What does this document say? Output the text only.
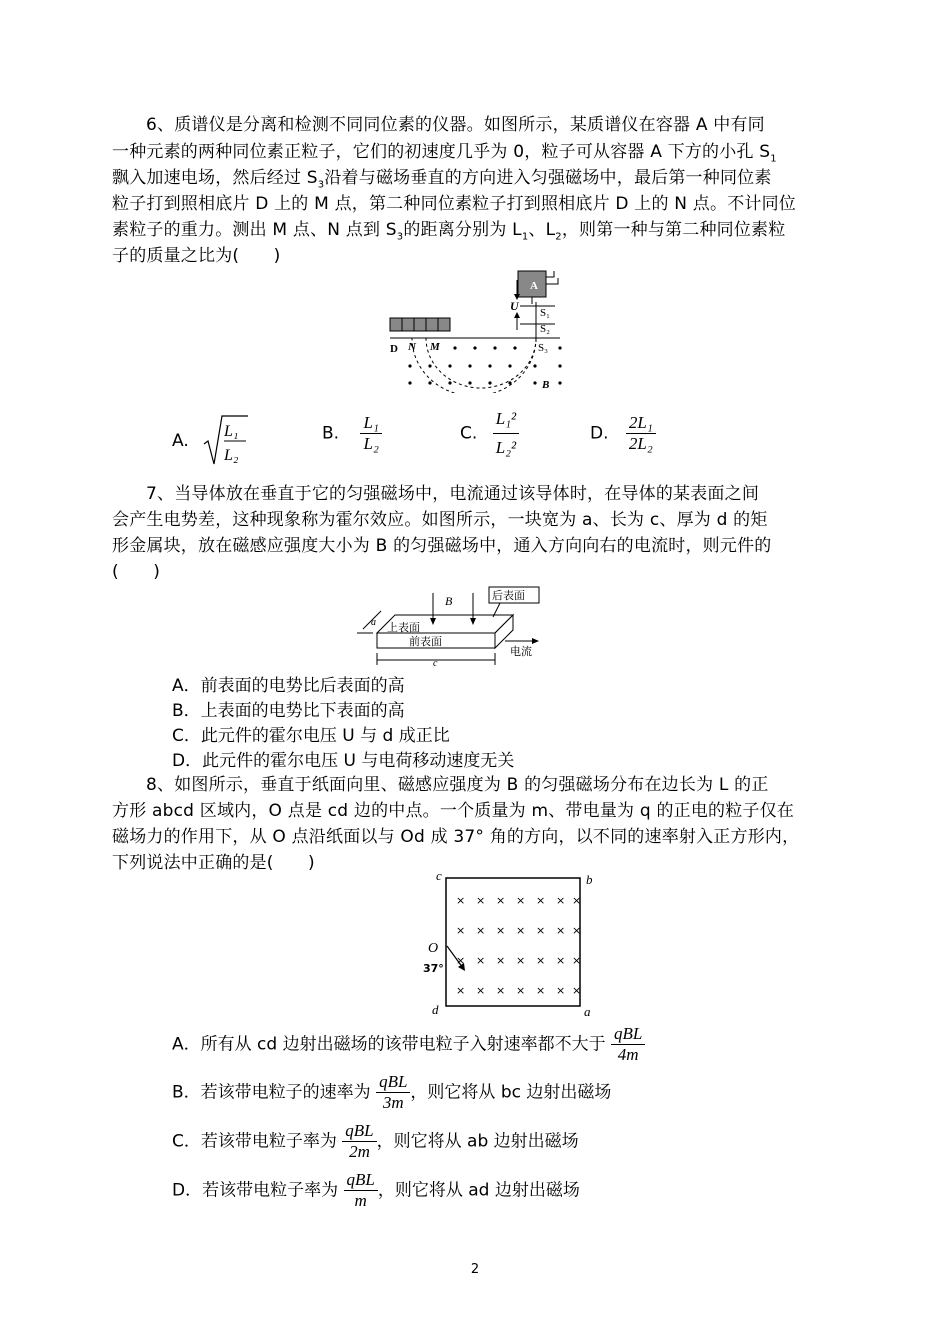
6、质谱仪是分离和检测不同同位素的仪器。如图所示，某质谱仪在容器 A 中有同
一种元素的两种同位素正粒子，它们的初速度几乎为 0，粒子可从容器 A 下方的小孔 $S_1$
飘入加速电场，然后经过 $S_3$沿着与磁场垂直的方向进入匀强磁场中，最后第一种同位素
粒子打到照相底片 D 上的 M 点，第二种同位素粒子打到照相底片 D 上的 N 点。不计同位
素粒子的重力。测出 M 点、N 点到 $S_3$的距离分别为 $L_1$、$L_2$，则第一种与第二种同位素粒
子的质量之比为(　　)
A
U S₁
S₂
S₃
D N M
B
A. L₁
L₂
B. $\frac{\text{L₁}}{\text{L₂}}$	C. $\frac{\text{L₁²}}{\text{L₂²}}$	D. $\frac{\text{2L₁}}{\text{2L₂}}$
7、当导体放在垂直于它的匀强磁场中，电流通过该导体时，在导体的某表面之间
会产生电势差，这种现象称为霍尔效应。如图所示，一块宽为 a、长为 c、厚为 d 的矩
形金属块，放在磁感应强度大小为 B 的匀强磁场中，通入方向向右的电流时，则元件的
(　　)
B	后表面
上表面
前表面
a
c
电流
A．前表面的电势比后表面的高
B．上表面的电势比下表面的高
C．此元件的霍尔电压 U 与 d 成正比
D．此元件的霍尔电压 U 与电荷移动速度无关
8、如图所示，垂直于纸面向里、磁感应强度为 B 的匀强磁场分布在边长为 L 的正
方形 abcd 区域内，O 点是 cd 边的中点。一个质量为 m、带电量为 q 的正电的粒子仅在
磁场力的作用下，从 O 点沿纸面以与 Od 成 37° 角的方向，以不同的速率射入正方形内，
下列说法中正确的是(　　)
c	b
d	a
O
37°
× × × × × × ×
× × × × × × ×
× × × × × × ×
× × × × × × ×
A．所有从 cd 边射出磁场的该带电粒子入射速率都不大于 $\frac{\text{qBL}}{4m}$
B．若该带电粒子的速率为 $\frac{\text{qBL}}{3m}$ ，则它将从 bc 边射出磁场
C．若该带电粒子率为 $\frac{\text{qBL}}{2m}$ ，则它将从 ab 边射出磁场
D．若该带电粒子率为 $\frac{\text{qBL}}{m}$ ，则它将从 ad 边射出磁场
2
